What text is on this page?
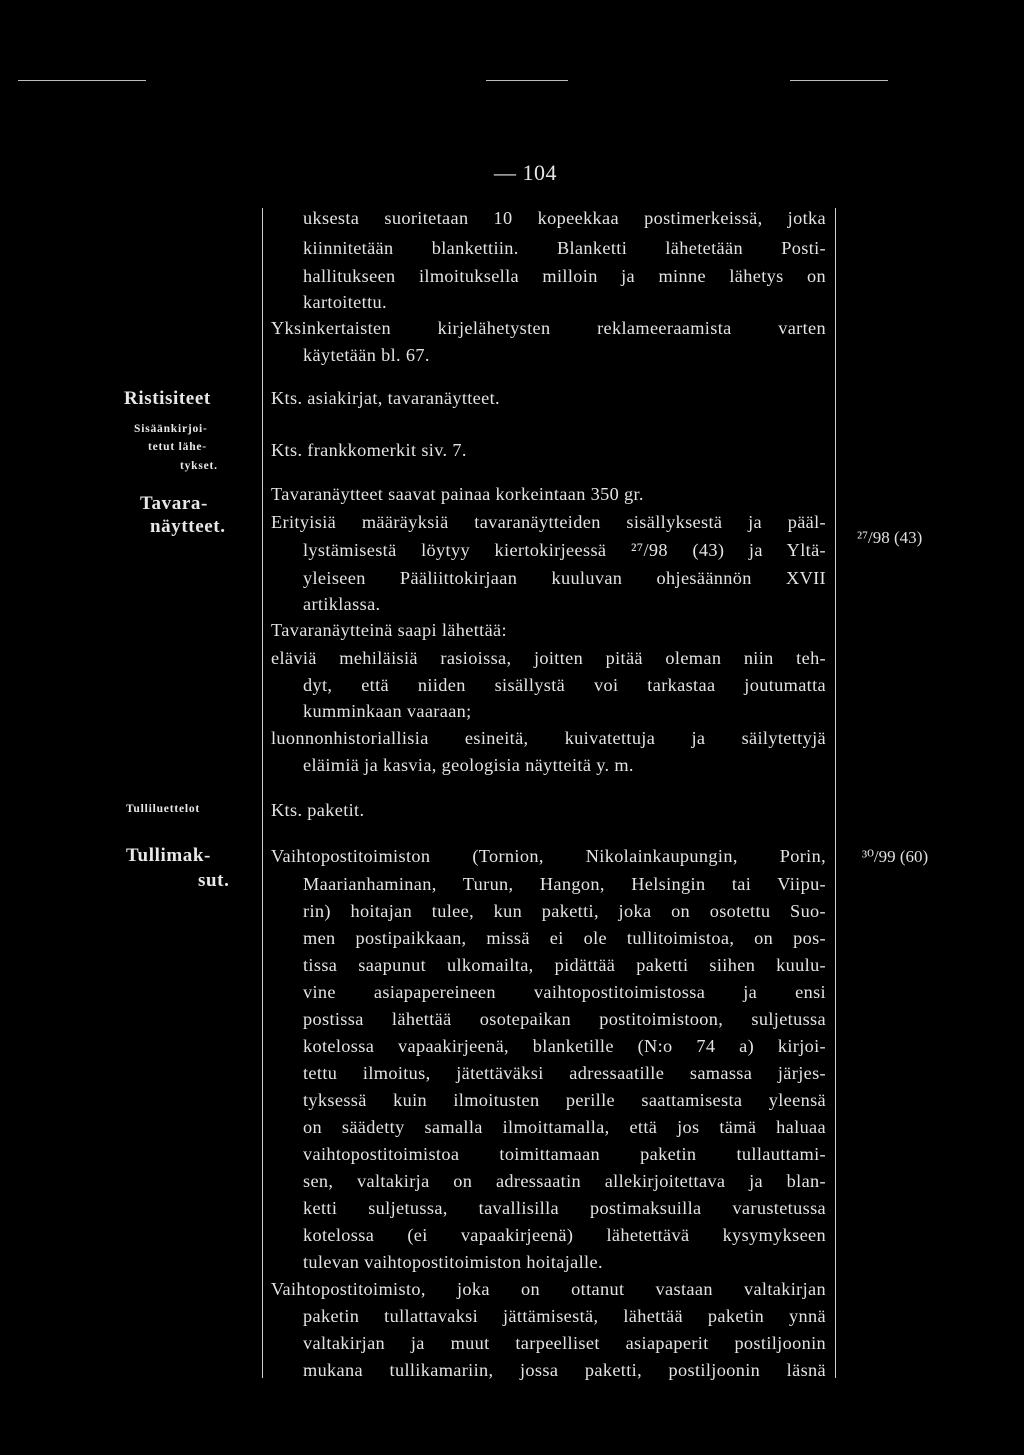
— 104
Ristisiteet
Sisäänkirjoi-
tetut lähe-
tykset.
Tavara-
näytteet.
Tulliluettelot
Tullimak-
sut.
²⁷/98 (43)
³⁰/99 (60)
uksesta suoritetaan 10 kopeekkaa postimerkeissä, jotka
kiinnitetään blankettiin. Blanketti lähetetään Posti-
hallitukseen ilmoituksella milloin ja minne lähetys on
kartoitettu.
Yksinkertaisten kirjelähetysten reklameeraamista varten
käytetään bl. 67.
Kts. asiakirjat, tavaranäytteet.
Kts. frankkomerkit siv. 7.
Tavaranäytteet saavat painaa korkeintaan 350 gr.
Erityisiä määräyksiä tavaranäytteiden sisällyksestä ja pääl-
lystämisestä löytyy kiertokirjeessä ²⁷/98 (43) ja Yltä-
yleiseen Pääliittokirjaan kuuluvan ohjesäännön XVII
artiklassa.
Tavaranäytteinä saapi lähettää:
eläviä mehiläisiä rasioissa, joitten pitää oleman niin teh-
dyt, että niiden sisällystä voi tarkastaa joutumatta
kumminkaan vaaraan;
luonnonhistoriallisia esineitä, kuivatettuja ja säilytettyjä
eläimiä ja kasvia, geologisia näytteitä y. m.
Kts. paketit.
Vaihtopostitoimiston (Tornion, Nikolainkaupungin, Porin,
Maarianhaminan, Turun, Hangon, Helsingin tai Viipu-
rin) hoitajan tulee, kun paketti, joka on osotettu Suo-
men postipaikkaan, missä ei ole tullitoimistoa, on pos-
tissa saapunut ulkomailta, pidättää paketti siihen kuulu-
vine asiapapereineen vaihtopostitoimistossa ja ensi
postissa lähettää osotepaikan postitoimistoon, suljetussa
kotelossa vapaakirjeenä, blanketille (N:o 74 a) kirjoi-
tettu ilmoitus, jätettäväksi adressaatille samassa järjes-
tyksessä kuin ilmoitusten perille saattamisesta yleensä
on säädetty samalla ilmoittamalla, että jos tämä haluaa
vaihtopostitoimistoa toimittamaan paketin tullauttami-
sen, valtakirja on adressaatin allekirjoitettava ja blan-
ketti suljetussa, tavallisilla postimaksuilla varustetussa
kotelossa (ei vapaakirjeenä) lähetettävä kysymykseen
tulevan vaihtopostitoimiston hoitajalle.
Vaihtopostitoimisto, joka on ottanut vastaan valtakirjan
paketin tullattavaksi jättämisestä, lähettää paketin ynnä
valtakirjan ja muut tarpeelliset asiapaperit postiljoonin
mukana tullikamariin, jossa paketti, postiljoonin läsnä
